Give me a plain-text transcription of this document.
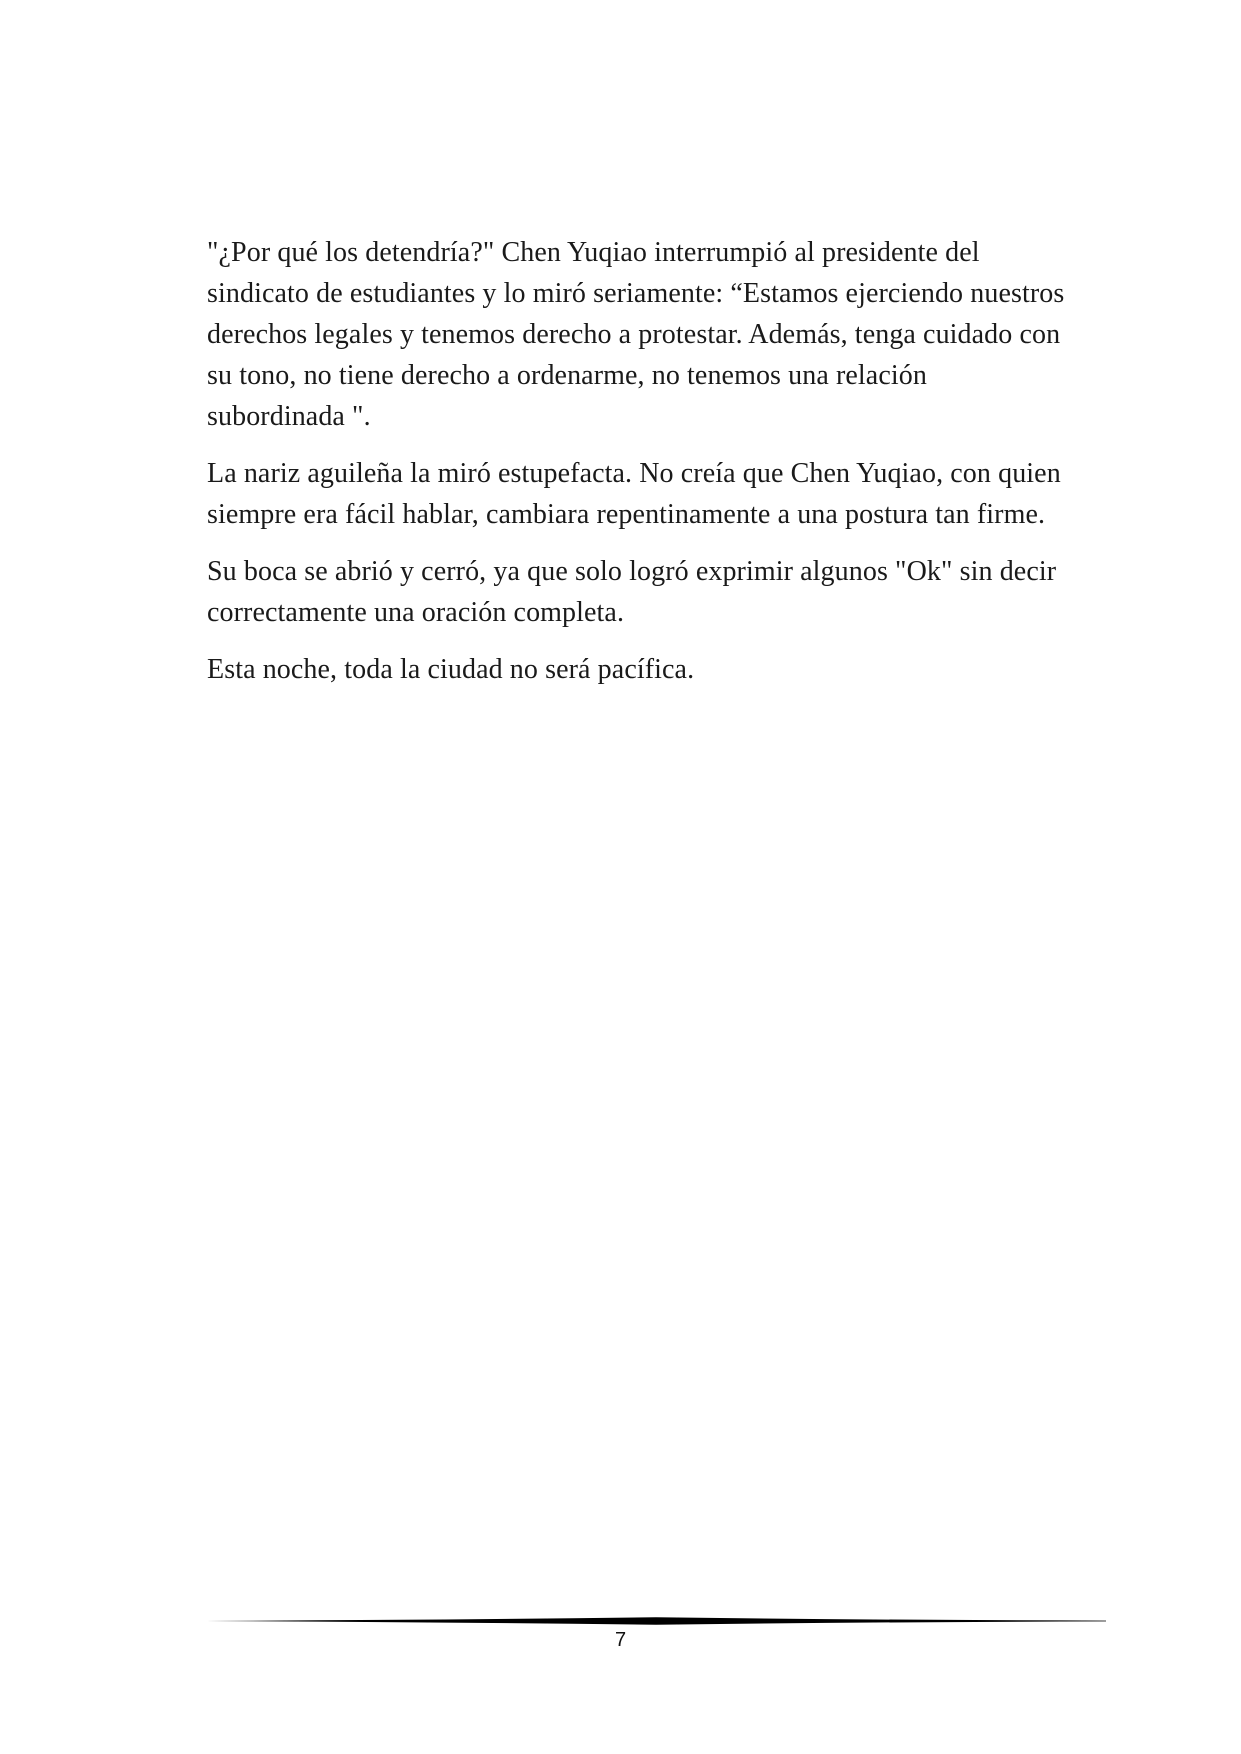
"¿Por qué los detendría?" Chen Yuqiao interrumpió al presidente del sindicato de estudiantes y lo miró seriamente: “Estamos ejerciendo nuestros derechos legales y tenemos derecho a protestar. Además, tenga cuidado con su tono, no tiene derecho a ordenarme, no tenemos una relación subordinada ".

La nariz aguileña la miró estupefacta. No creía que Chen Yuqiao, con quien siempre era fácil hablar, cambiara repentinamente a una postura tan firme.

Su boca se abrió y cerró, ya que solo logró exprimir algunos "Ok" sin decir correctamente una oración completa.

Esta noche, toda la ciudad no será pacífica.

7
